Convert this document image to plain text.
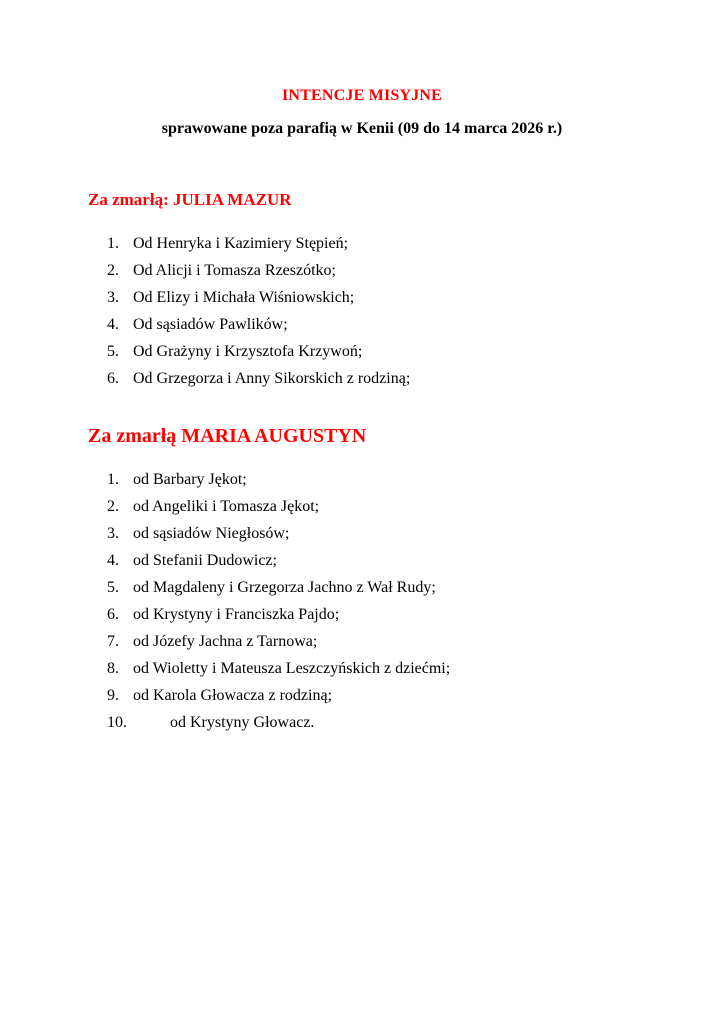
INTENCJE MISYJNE
sprawowane poza parafią w Kenii (09 do 14 marca 2026 r.)
Za zmarłą: JULIA MAZUR
1. Od Henryka i Kazimiery Stępień;
2. Od Alicji i Tomasza Rzeszótko;
3. Od Elizy i Michała Wiśniowskich;
4. Od sąsiadów Pawlików;
5. Od Grażyny i Krzysztofa Krzywoń;
6. Od Grzegorza i Anny Sikorskich z rodziną;
Za zmarłą MARIA AUGUSTYN
1. od Barbary Jękot;
2. od Angeliki i Tomasza Jękot;
3. od sąsiadów Niegłosów;
4. od Stefanii Dudowicz;
5. od Magdaleny i Grzegorza Jachno z Wał Rudy;
6. od Krystyny i Franciszka Pajdo;
7. od Józefy Jachna z Tarnowa;
8. od Wioletty i Mateusza Leszczyńskich z dziećmi;
9. od Karola Głowacza z rodziną;
10.	od Krystyny Głowacz.
